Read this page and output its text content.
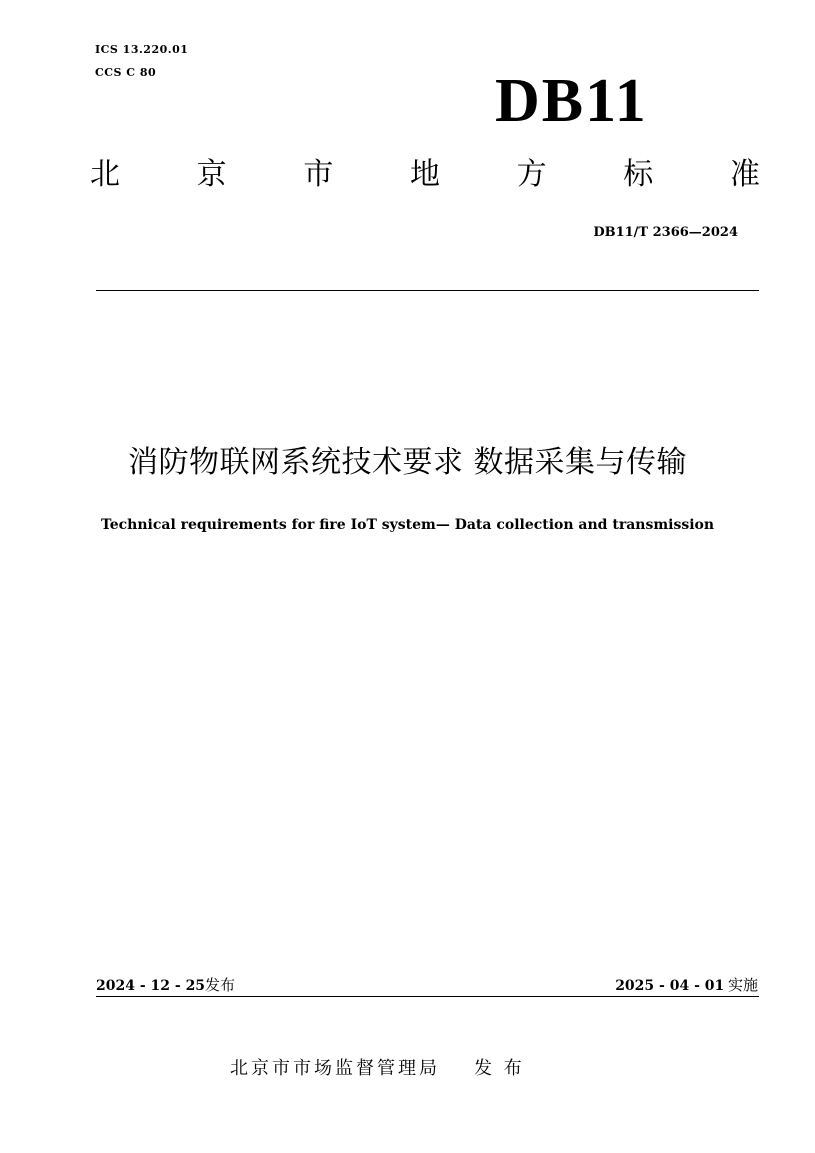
ICS 13.220.01
CCS C 80	DB11
北	京	市	地	方	标	准
DB11/T 2366—2024
消防物联网系统技术要求 数据采集与传输
Technical requirements for fire IoT system— Data collection and transmission
2024 - 12 - 25发布	2025 - 04 - 01 实施
北京市市场监督管理局 发 布
